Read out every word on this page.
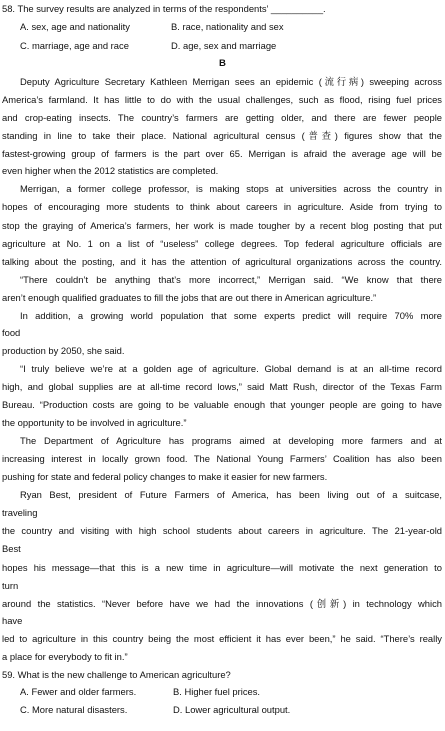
58. The survey results are analyzed in terms of the respondents’ __________.
A. sex, age and nationality	B. race, nationality and sex
C. marriage, age and race	D. age, sex and marriage
B
Deputy Agriculture Secretary Kathleen Merrigan sees an epidemic (流行病) sweeping across
America’s farmland. It has little to do with the usual challenges, such as flood, rising fuel prices
and crop-eating insects. The country’s farmers are getting older, and there are fewer people
standing in line to take their place. National agricultural census (普查) figures show that the
fastest-growing group of farmers is the part over 65. Merrigan is afraid the average age will be
even higher when the 2012 statistics are completed.
Merrigan, a former college professor, is making stops at universities across the country in
hopes of encouraging more students to think about careers in agriculture. Aside from trying to
stop the graying of America’s farmers, her work is made tougher by a recent blog posting that put
agriculture at No. 1 on a list of “useless” college degrees. Top federal agriculture officials are
talking about the posting, and it has the attention of agricultural organizations across the country.
“There couldn’t be anything that’s more incorrect,” Merrigan said. “We know that there
aren’t enough qualified graduates to fill the jobs that are out there in American agriculture.”
In addition, a growing world population that some experts predict will require 70% more
food
production by 2050, she said.
“I truly believe we’re at a golden age of agriculture. Global demand is at an all-time record
high, and global supplies are at all-time record lows,” said Matt Rush, director of the Texas Farm
Bureau. “Production costs are going to be valuable enough that younger people are going to have
the opportunity to be involved in agriculture.”
The Department of Agriculture has programs aimed at developing more farmers and at
increasing interest in locally grown food. The National Young Farmers’ Coalition has also been
pushing for state and federal policy changes to make it easier for new farmers.
Ryan Best, president of Future Farmers of America, has been living out of a suitcase,
traveling
the country and visiting with high school students about careers in agriculture. The 21-year-old
Best
hopes his message—that this is a new time in agriculture—will motivate the next generation to
turn
around the statistics. “Never before have we had the innovations (创新) in technology which
have
led to agriculture in this country being the most efficient it has ever been,” he said. “There’s really
a place for everybody to fit in.”
59. What is the new challenge to American agriculture?
A. Fewer and older farmers.	B. Higher fuel prices.
C. More natural disasters.	D. Lower agricultural output.
